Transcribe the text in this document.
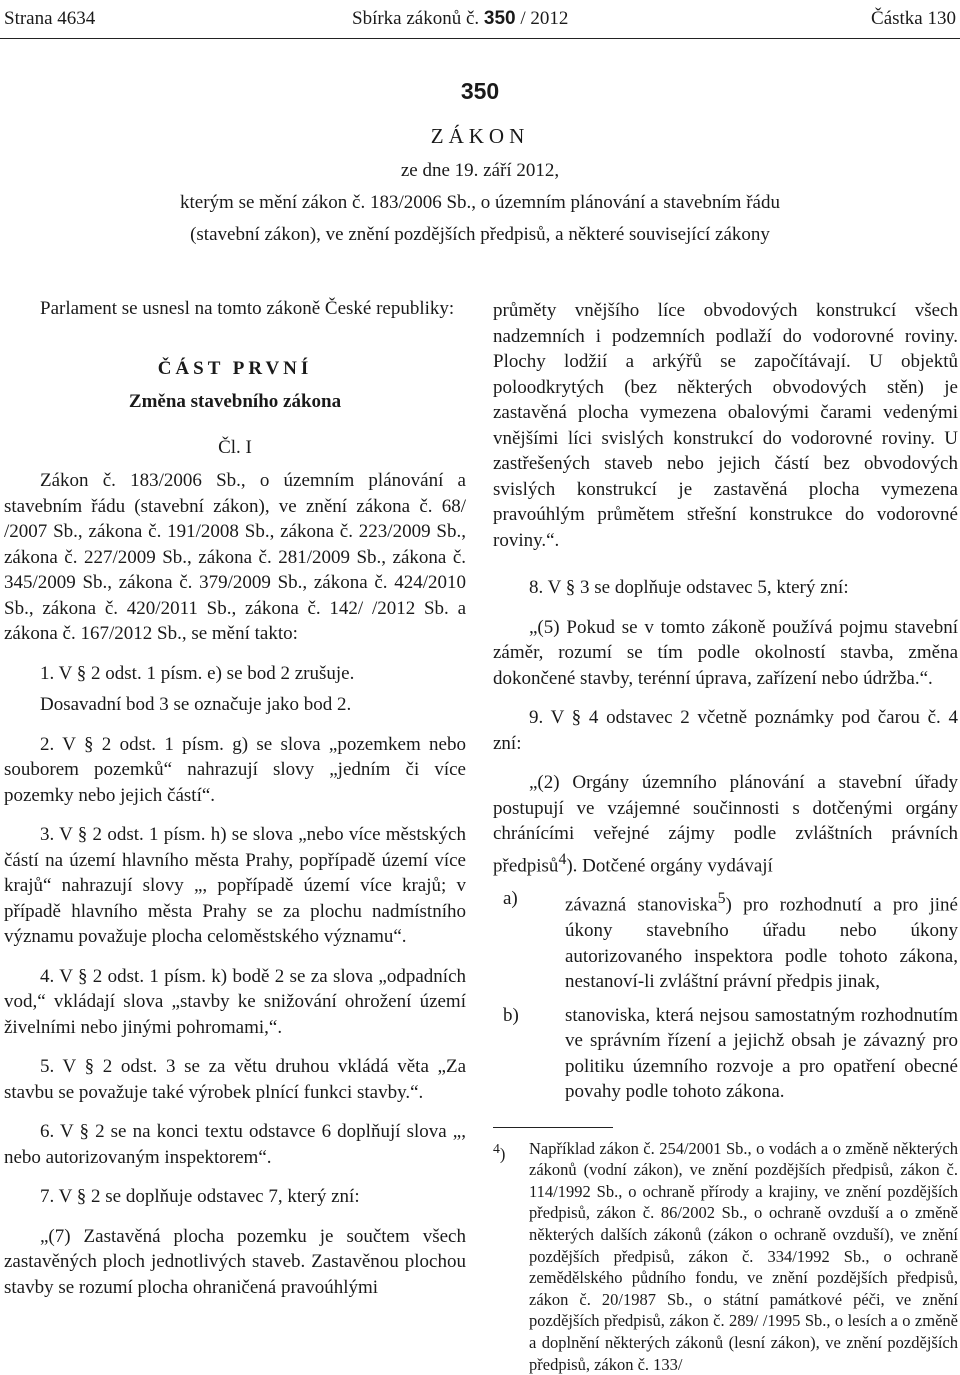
Strana 4634	Sbírka zákonů č. 350 / 2012	Částka 130
350
ZÁKON
ze dne 19. září 2012,
kterým se mění zákon č. 183/2006 Sb., o územním plánování a stavebním řádu
(stavební zákon), ve znění pozdějších předpisů, a některé související zákony

Parlament se usnesl na tomto zákoně České republiky:

ČÁST PRVNÍ

Změna stavebního zákona

Čl. I

Zákon č. 183/2006 Sb., o územním plánování a stavebním řádu (stavební zákon), ve znění zákona č. 68/ /2007 Sb., zákona č. 191/2008 Sb., zákona č. 223/2009 Sb., zákona č. 227/2009 Sb., zákona č. 281/2009 Sb., zákona č. 345/2009 Sb., zákona č. 379/2009 Sb., zákona č. 424/2010 Sb., zákona č. 420/2011 Sb., zákona č. 142/ /2012 Sb. a zákona č. 167/2012 Sb., se mění takto:

1. V § 2 odst. 1 písm. e) se bod 2 zrušuje.

Dosavadní bod 3 se označuje jako bod 2.

2. V § 2 odst. 1 písm. g) se slova „pozemkem nebo souborem pozemků“ nahrazují slovy „jedním či více pozemky nebo jejich částí“.

3. V § 2 odst. 1 písm. h) se slova „nebo více městských částí na území hlavního města Prahy, popřípadě území více krajů“ nahrazují slovy „, popřípadě území více krajů; v případě hlavního města Prahy se za plochu nadmístního významu považuje plocha celoměstského významu“.

4. V § 2 odst. 1 písm. k) bodě 2 se za slova „odpadních vod,“ vkládají slova „stavby ke snižování ohrožení území živelními nebo jinými pohromami,“.

5. V § 2 odst. 3 se za větu druhou vkládá věta „Za stavbu se považuje také výrobek plnící funkci stavby.“.

6. V § 2 se na konci textu odstavce 6 doplňují slova „, nebo autorizovaným inspektorem“.

7. V § 2 se doplňuje odstavec 7, který zní:

„(7) Zastavěná plocha pozemku je součtem všech zastavěných ploch jednotlivých staveb. Zastavěnou plochou stavby se rozumí plocha ohraničená pravoúhlými

průměty vnějšího líce obvodových konstrukcí všech nadzemních i podzemních podlaží do vodorovné roviny. Plochy lodžií a arkýřů se započítávají. U objektů poloodkrytých (bez některých obvodových stěn) je zastavěná plocha vymezena obalovými čarami vedenými vnějšími líci svislých konstrukcí do vodorovné roviny. U zastřešených staveb nebo jejich částí bez obvodových svislých konstrukcí je zastavěná plocha vymezena pravoúhlým průmětem střešní konstrukce do vodorovné roviny.“.

8. V § 3 se doplňuje odstavec 5, který zní:

„(5) Pokud se v tomto zákoně používá pojmu stavební záměr, rozumí se tím podle okolností stavba, změna dokončené stavby, terénní úprava, zařízení nebo údržba.“.

9. V § 4 odstavec 2 včetně poznámky pod čarou č. 4 zní:

„(2) Orgány územního plánování a stavební úřady postupují ve vzájemné součinnosti s dotčenými orgány chránícími veřejné zájmy podle zvláštních právních předpisů$^4$). Dotčené orgány vydávají

a)	závazná stanoviska$^5$) pro rozhodnutí a pro jiné úkony stavebního úřadu nebo úkony autorizovaného inspektora podle tohoto zákona, nestanoví-li zvláštní právní předpis jinak,
b)	stanoviska, která nejsou samostatným rozhodnutím ve správním řízení a jejichž obsah je závazný pro politiku územního rozvoje a pro opatření obecné povahy podle tohoto zákona.
$^4$)	Například zákon č. 254/2001 Sb., o vodách a o změně některých zákonů (vodní zákon), ve znění pozdějších předpisů, zákon č. 114/1992 Sb., o ochraně přírody a krajiny, ve znění pozdějších předpisů, zákon č. 86/2002 Sb., o ochraně ovzduší a o změně některých dalších zákonů (zákon o ochraně ovzduší), ve znění pozdějších předpisů, zákon č. 334/1992 Sb., o ochraně zemědělského půdního fondu, ve znění pozdějších předpisů, zákon č. 20/1987 Sb., o státní památkové péči, ve znění pozdějších předpisů, zákon č. 289/ /1995 Sb., o lesích a o změně a doplnění některých zákonů (lesní zákon), ve znění pozdějších předpisů, zákon č. 133/
